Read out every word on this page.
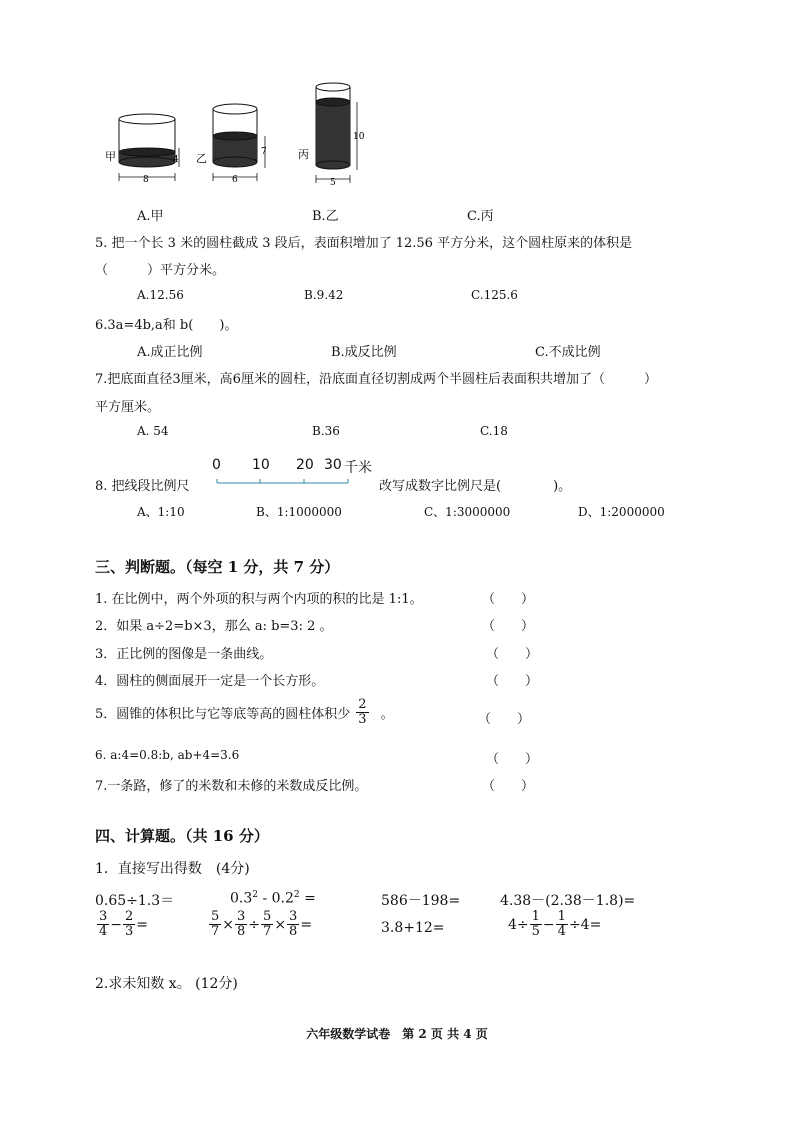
甲
8
4 乙
6
7	丙
5
10
A.甲	B.乙	C.丙
5. 把一个长 3 米的圆柱截成 3 段后，表面积增加了 12.56 平方分米，这个圆柱原来的体积是
（　　　）平方分米。
A.12.56	B.9.42	C.125.6
6.3a=4b,a和 b(　　)。
A.成正比例	B.成反比例	C.不成比例
7.把底面直径3厘米，高6厘米的圆柱，沿底面直径切割成两个半圆柱后表面积共增加了（　　　）
平方厘米。
A. 54	B.36	C.18
8. 把线段比例尺
0 10 20 30 千米
改写成数字比例尺是(　　　　)。
A、1:10	B、1:1000000	C、1:3000000	D、1:2000000
三、判断题。（每空 1 分，共 7 分）
1. 在比例中，两个外项的积与两个内项的积的比是 1:1。	（　　）
2．如果 a÷2=b×3，那么 a: b=3: 2 。	（　　）
3．正比例的图像是一条曲线。	（　　）
4．圆柱的侧面展开一定是一个长方形。	（　　）
5．圆锥的体积比与它等底等高的圆柱体积少 $\frac{2}{3}$ 。	（　　）
6. a:4=0.8:b, ab+4=3.6	（　　）
7.一条路，修了的米数和未修的米数成反比例。	（　　）
四、计算题。（共 16 分）
1．直接写出得数　(4分)
0.65÷1.3＝	$0.3^2 - 0.2^2$ =	586－198=	4.38－(2.38－1.8)=
$\frac{3}{4} - \frac{2}{3}$ =	$\frac{5}{7} \times \frac{3}{8} \div \frac{5}{7} \times \frac{3}{8}$ =	3.8+12=	$4\div \frac{1}{5} - \frac{1}{4} \div 4=$
2.求未知数 x。 (12分)
六年级数学试卷　第 2 页 共 4 页
